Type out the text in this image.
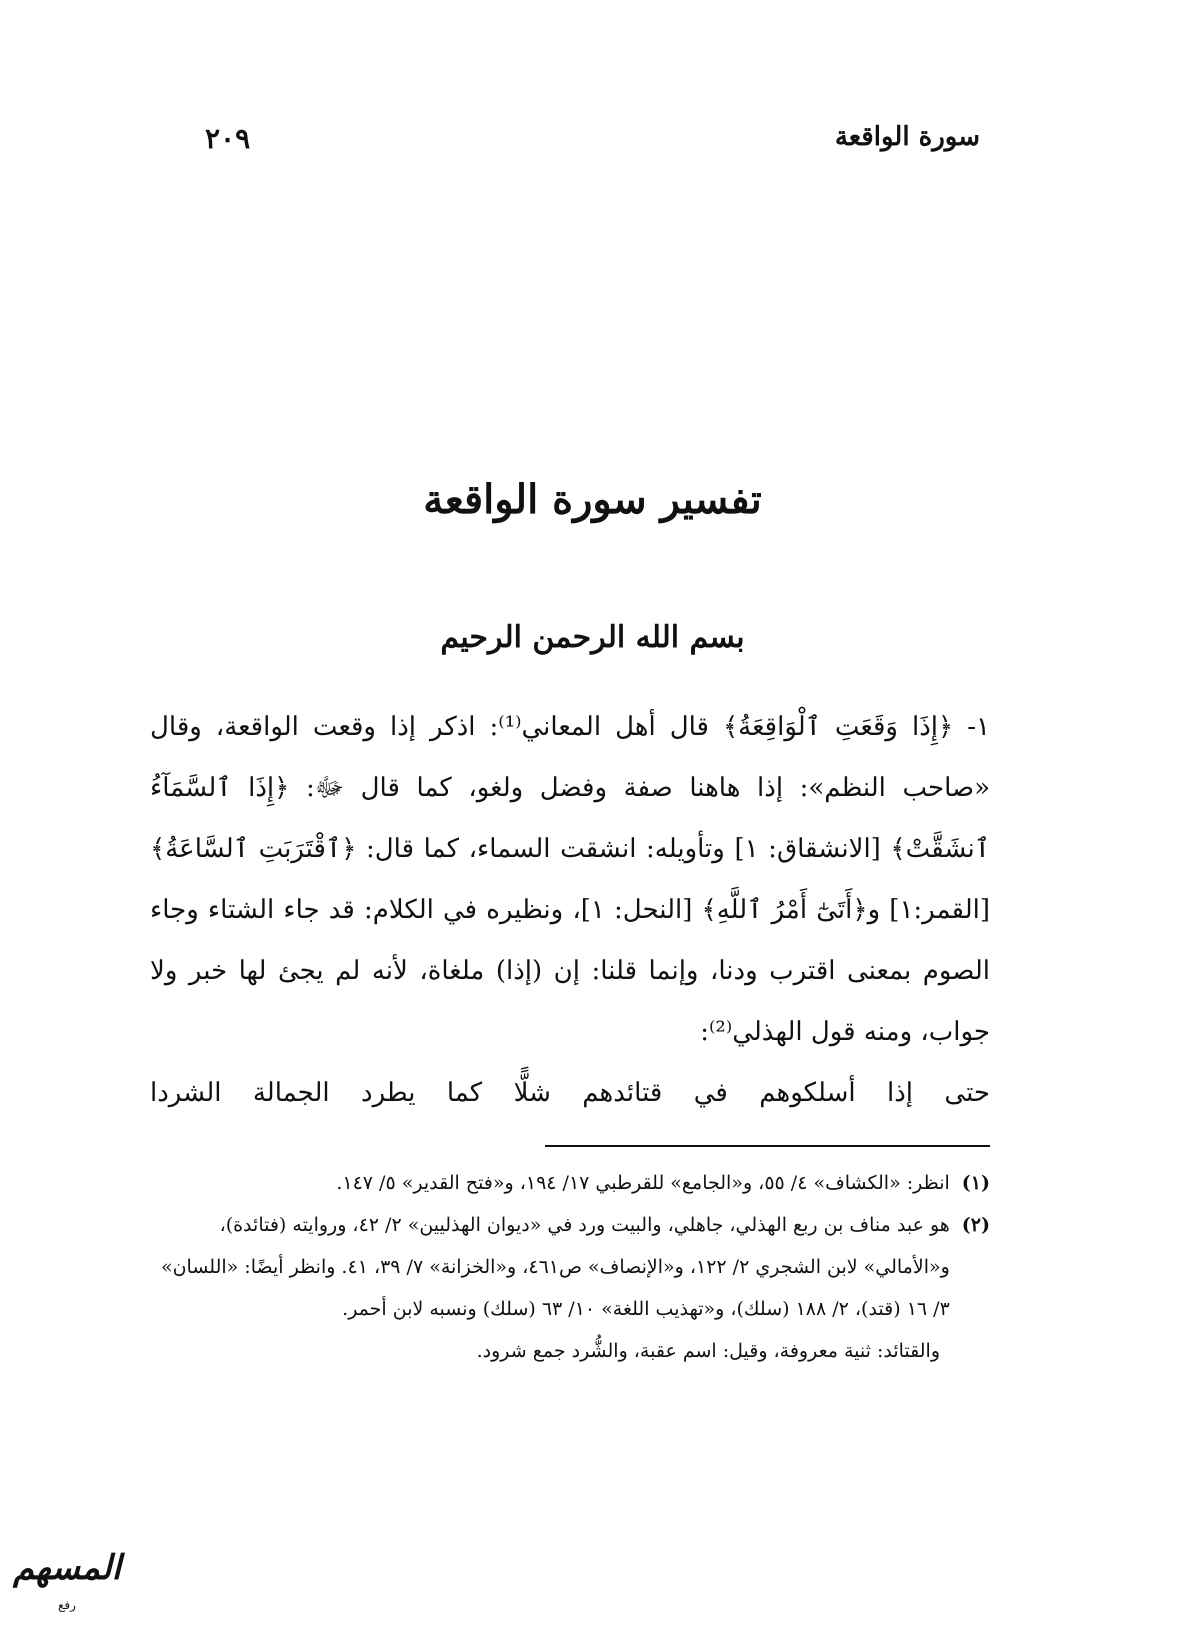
سورة الواقعة
٢٠٩
تفسير سورة الواقعة
بسم الله الرحمن الرحيم

١- ﴿إِذَا وَقَعَتِ ٱلْوَاقِعَةُ﴾ قال أهل المعاني⁽¹⁾: اذكر إذا وقعت الواقعة، وقال «صاحب النظم»: إذا هاهنا صفة وفضل ولغو، كما قال ﷻ: ﴿إِذَا ٱلسَّمَآءُ ٱنشَقَّتْ﴾ [الانشقاق: ١] وتأويله: انشقت السماء، كما قال: ﴿ٱقْتَرَبَتِ ٱلسَّاعَةُ﴾ [القمر:١] و﴿أَتَىٰٓ أَمْرُ ٱللَّهِ﴾ [النحل: ١]، ونظيره في الكلام: قد جاء الشتاء وجاء الصوم بمعنى اقترب ودنا، وإنما قلنا: إن (إذا) ملغاة، لأنه لم يجئ لها خبر ولا جواب، ومنه قول الهذلي⁽²⁾:

حتى إذا أسلكوهم في قتائدهم شلًّا كما يطرد الجمالة الشردا

(١)
انظر: «الكشاف» ٤/ ٥٥، و«الجامع» للقرطبي ١٧/ ١٩٤، و«فتح القدير» ٥/ ١٤٧.
(٢)
هو عبد مناف بن ربع الهذلي، جاهلي، والبيت ورد في «ديوان الهذليين» ٢/ ٤٢، وروايته (فتائدة)، و«الأمالي» لابن الشجري ٢/ ١٢٢، و«الإنصاف» ص٤٦١، و«الخزانة» ٧/ ٣٩، ٤١. وانظر أيضًا: «اللسان» ٣/ ١٦ (قتد)، ٢/ ١٨٨ (سلك)، و«تهذيب اللغة» ١٠/ ٦٣ (سلك) ونسبه لابن أحمر.

والقتائد: ثنية معروفة، وقيل: اسم عقبة، والشُّرد جمع شرود.

المسهم
رفع
